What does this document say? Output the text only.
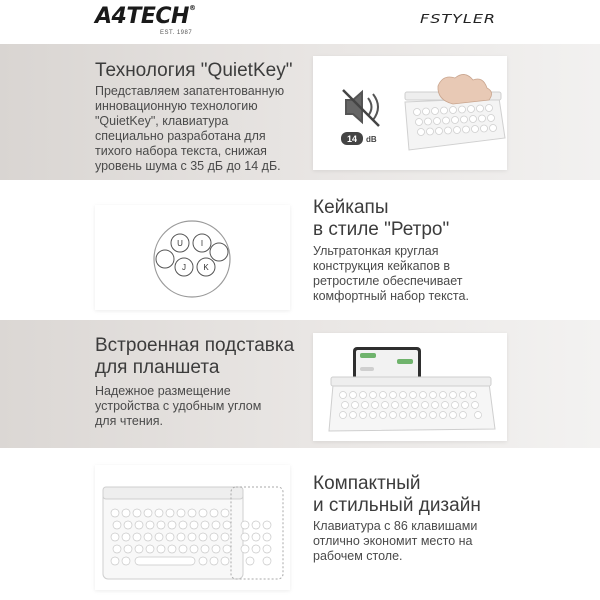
A4TECH®
EST. 1987
FSTYLER
Технология "QuietKey"
Представляем запатентованную инновационную технологию "QuietKey", клавиатура специально разработана для тихого набора текста, снижая уровень шума с 35 дБ до 14 дБ.
14 dB
U I
J K
Кейкапы
в стиле "Ретро"
Ультратонкая круглая конструкция кейкапов в ретростиле обеспечивает комфортный набор текста.
Встроенная подставка
для планшета
Надежное размещение устройства с удобным углом для чтения.
Компактный
и стильный дизайн
Клавиатура с 86 клавишами отлично экономит место на рабочем столе.
